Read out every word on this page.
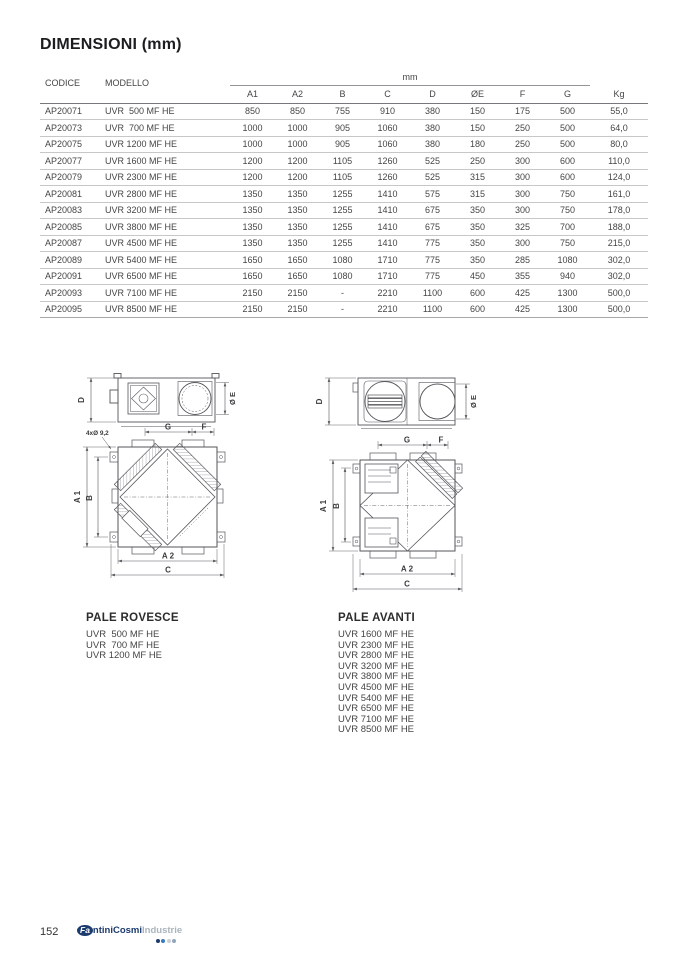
DIMENSIONI (mm)
CODICE	MODELLO	mm								
		A1	A2	B	C	D	ØE	F	G	Kg
AP20071	UVR  500 MF HE	850	850	755	910	380	150	175	500	55,0
AP20073	UVR  700 MF HE	1000	1000	905	1060	380	150	250	500	64,0
AP20075	UVR 1200 MF HE	1000	1000	905	1060	380	180	250	500	80,0
AP20077	UVR 1600 MF HE	1200	1200	1105	1260	525	250	300	600	110,0
AP20079	UVR 2300 MF HE	1200	1200	1105	1260	525	315	300	600	124,0
AP20081	UVR 2800 MF HE	1350	1350	1255	1410	575	315	300	750	161,0
AP20083	UVR 3200 MF HE	1350	1350	1255	1410	675	350	300	750	178,0
AP20085	UVR 3800 MF HE	1350	1350	1255	1410	675	350	325	700	188,0
AP20087	UVR 4500 MF HE	1350	1350	1255	1410	775	350	300	750	215,0
AP20089	UVR 5400 MF HE	1650	1650	1080	1710	775	350	285	1080	302,0
AP20091	UVR 6500 MF HE	1650	1650	1080	1710	775	450	355	940	302,0
AP20093	UVR 7100 MF HE	2150	2150	-	2210	1100	600	425	1300	500,0
AP20095	UVR 8500 MF HE	2150	2150	-	2210	1100	600	425	1300	500,0
D	Ø E
4xØ 9,2
G	F
A 1 B
A 2
C
D	Ø E
G	F
A 1 B
A 2
C
PALE ROVESCE
UVR  500 MF HE
UVR  700 MF HE
UVR 1200 MF HE
PALE AVANTI
UVR 1600 MF HE
UVR 2300 MF HE
UVR 2800 MF HE
UVR 3200 MF HE
UVR 3800 MF HE
UVR 4500 MF HE
UVR 5400 MF HE
UVR 6500 MF HE
UVR 7100 MF HE
UVR 8500 MF HE
152	Fa ntiniCosmiIndustrie
